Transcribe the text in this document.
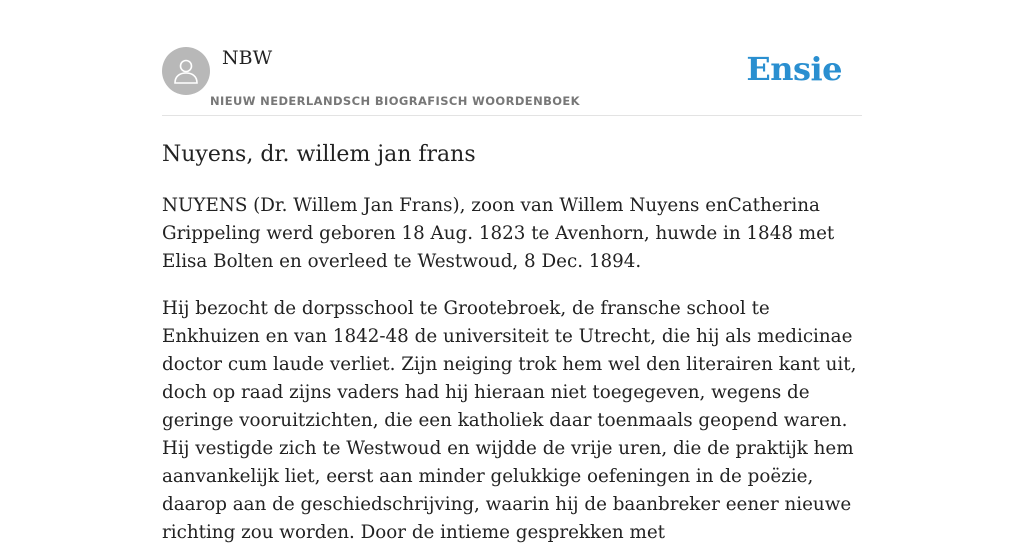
NBW
NIEUW NEDERLANDSCH BIOGRAFISCH WOORDENBOEK
Ensie
Nuyens, dr. willem jan frans

NUYENS (Dr. Willem Jan Frans), zoon van Willem Nuyens enCatherina Grippeling werd geboren 18 Aug. 1823 te Avenhorn, huwde in 1848 met Elisa Bolten en overleed te Westwoud, 8 Dec. 1894.

Hij bezocht de dorpsschool te Grootebroek, de fransche school te Enkhuizen en van 1842-48 de universiteit te Utrecht, die hij als medicinae doctor cum laude verliet. Zijn neiging trok hem wel den literairen kant uit, doch op raad zijns vaders had hij hieraan niet toegegeven, wegens de geringe vooruitzichten, die een katholiek daar toenmaals geopend waren. Hij vestigde zich te Westwoud en wijdde de vrije uren, die de praktijk hem aanvankelijk liet, eerst aan minder gelukkige oefeningen in de poëzie, daarop aan de geschiedschrijving, waarin hij de baanbreker eener nieuwe richting zou worden. Door de intieme gesprekken met
